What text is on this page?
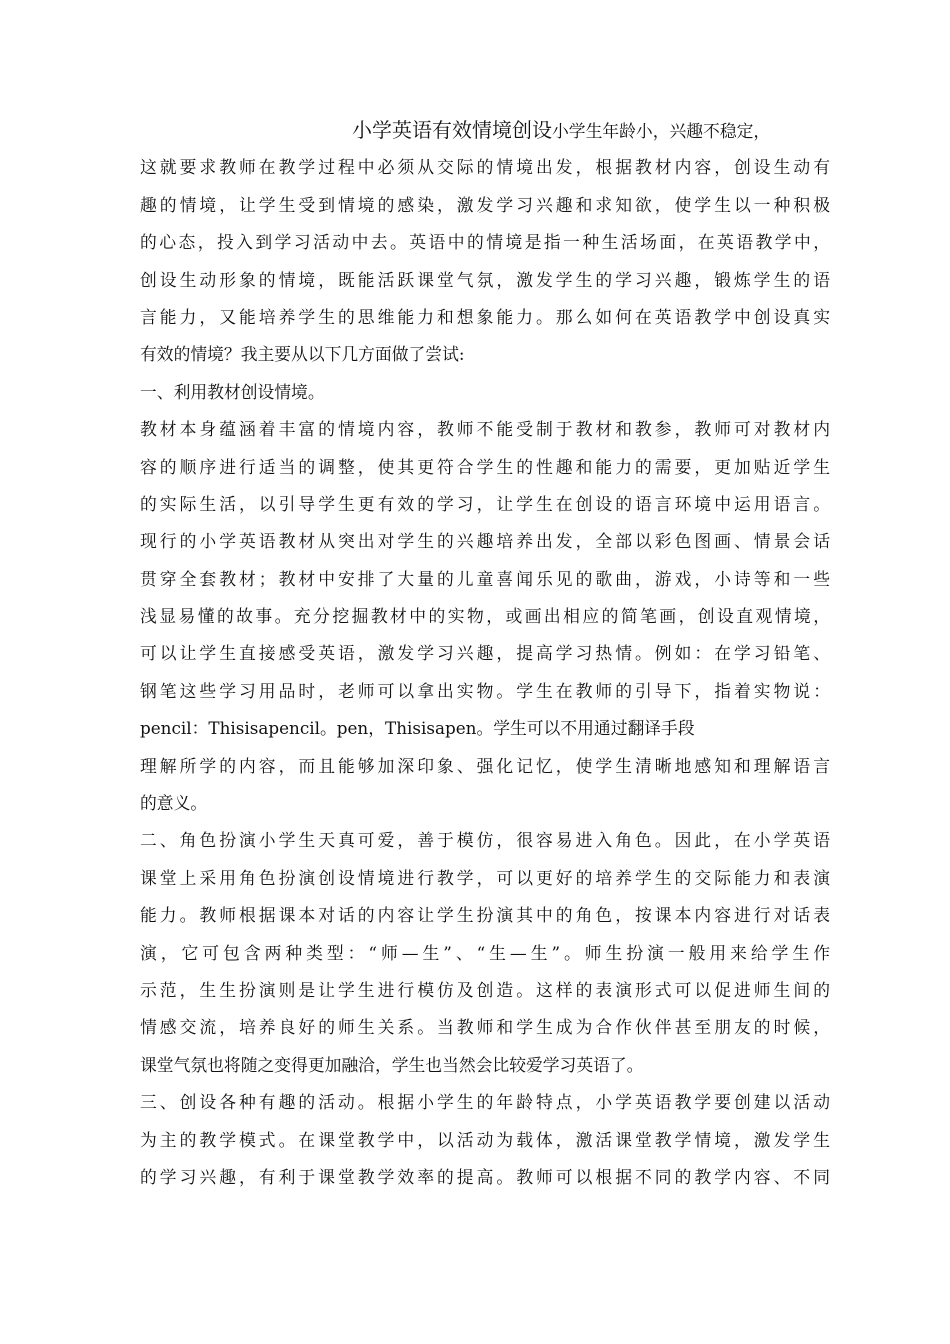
小学英语有效情境创设小学生年龄小，兴趣不稳定，
这就要求教师在教学过程中必须从交际的情境出发，根据教材内容，创设生动有
趣的情境，让学生受到情境的感染，激发学习兴趣和求知欲，使学生以一种积极
的心态，投入到学习活动中去。英语中的情境是指一种生活场面，在英语教学中，
创设生动形象的情境，既能活跃课堂气氛，激发学生的学习兴趣，锻炼学生的语
言能力，又能培养学生的思维能力和想象能力。那么如何在英语教学中创设真实
有效的情境？我主要从以下几方面做了尝试:
一、利用教材创设情境。
教材本身蕴涵着丰富的情境内容，教师不能受制于教材和教参，教师可对教材内
容的顺序进行适当的调整，使其更符合学生的性趣和能力的需要，更加贴近学生
的实际生活，以引导学生更有效的学习，让学生在创设的语言环境中运用语言。
现行的小学英语教材从突出对学生的兴趣培养出发，全部以彩色图画、情景会话
贯穿全套教材；教材中安排了大量的儿童喜闻乐见的歌曲，游戏，小诗等和一些
浅显易懂的故事。充分挖掘教材中的实物，或画出相应的简笔画，创设直观情境，
可以让学生直接感受英语，激发学习兴趣，提高学习热情。例如：在学习铅笔、
钢笔这些学习用品时，老师可以拿出实物。学生在教师的引导下，指着实物说：
pencil：Thisisapencil。pen，Thisisapen。学生可以不用通过翻译手段
理解所学的内容，而且能够加深印象、强化记忆，使学生清晰地感知和理解语言
的意义。
二、角色扮演小学生天真可爱，善于模仿，很容易进入角色。因此，在小学英语
课堂上采用角色扮演创设情境进行教学，可以更好的培养学生的交际能力和表演
能力。教师根据课本对话的内容让学生扮演其中的角色，按课本内容进行对话表
演，它可包含两种类型：“师—生”、“生—生”。师生扮演一般用来给学生作
示范，生生扮演则是让学生进行模仿及创造。这样的表演形式可以促进师生间的
情感交流，培养良好的师生关系。当教师和学生成为合作伙伴甚至朋友的时候，
课堂气氛也将随之变得更加融洽，学生也当然会比较爱学习英语了。
三、创设各种有趣的活动。根据小学生的年龄特点，小学英语教学要创建以活动
为主的教学模式。在课堂教学中，以活动为载体，激活课堂教学情境，激发学生
的学习兴趣，有利于课堂教学效率的提高。教师可以根据不同的教学内容、不同
